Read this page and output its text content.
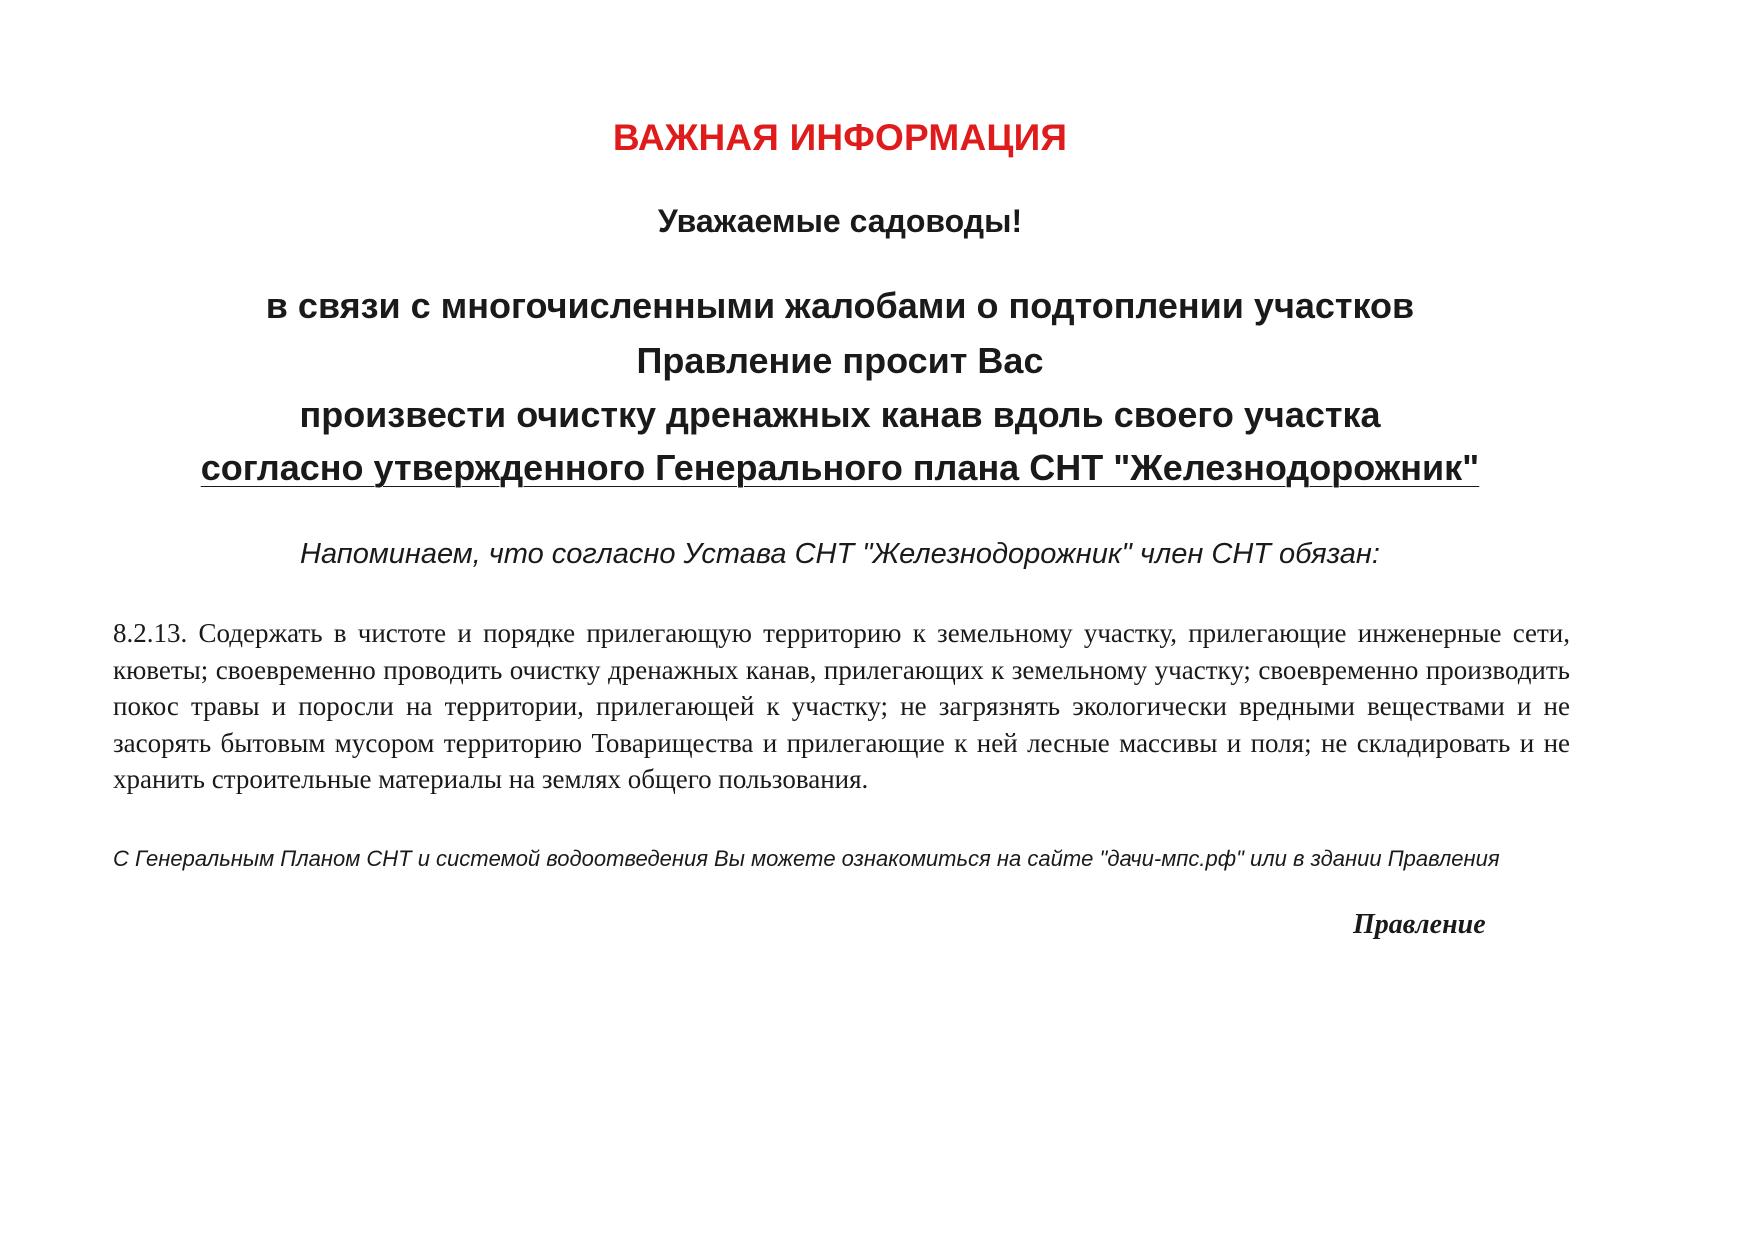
ВАЖНАЯ ИНФОРМАЦИЯ
Уважаемые садоводы!
в связи с многочисленными жалобами о подтоплении участков
Правление просит Вас
произвести очистку дренажных канав вдоль своего участка
согласно утвержденного Генерального плана СНТ "Железнодорожник"
Напоминаем, что согласно Устава СНТ "Железнодорожник" член СНТ обязан:
8.2.13. Содержать в чистоте и порядке прилегающую территорию к земельному участку, прилегающие инженерные сети, кюветы; своевременно проводить очистку дренажных канав, прилегающих к земельному участку; своевременно производить покос травы и поросли на территории, прилегающей к участку; не загрязнять экологически вредными веществами и не засорять бытовым мусором территорию Товарищества и прилегающие к ней лесные массивы и поля; не складировать и не хранить строительные материалы на землях общего пользования.
С Генеральным Планом СНТ и системой водоотведения Вы можете ознакомиться на сайте "дачи-мпс.рф" или в здании Правления
Правление
